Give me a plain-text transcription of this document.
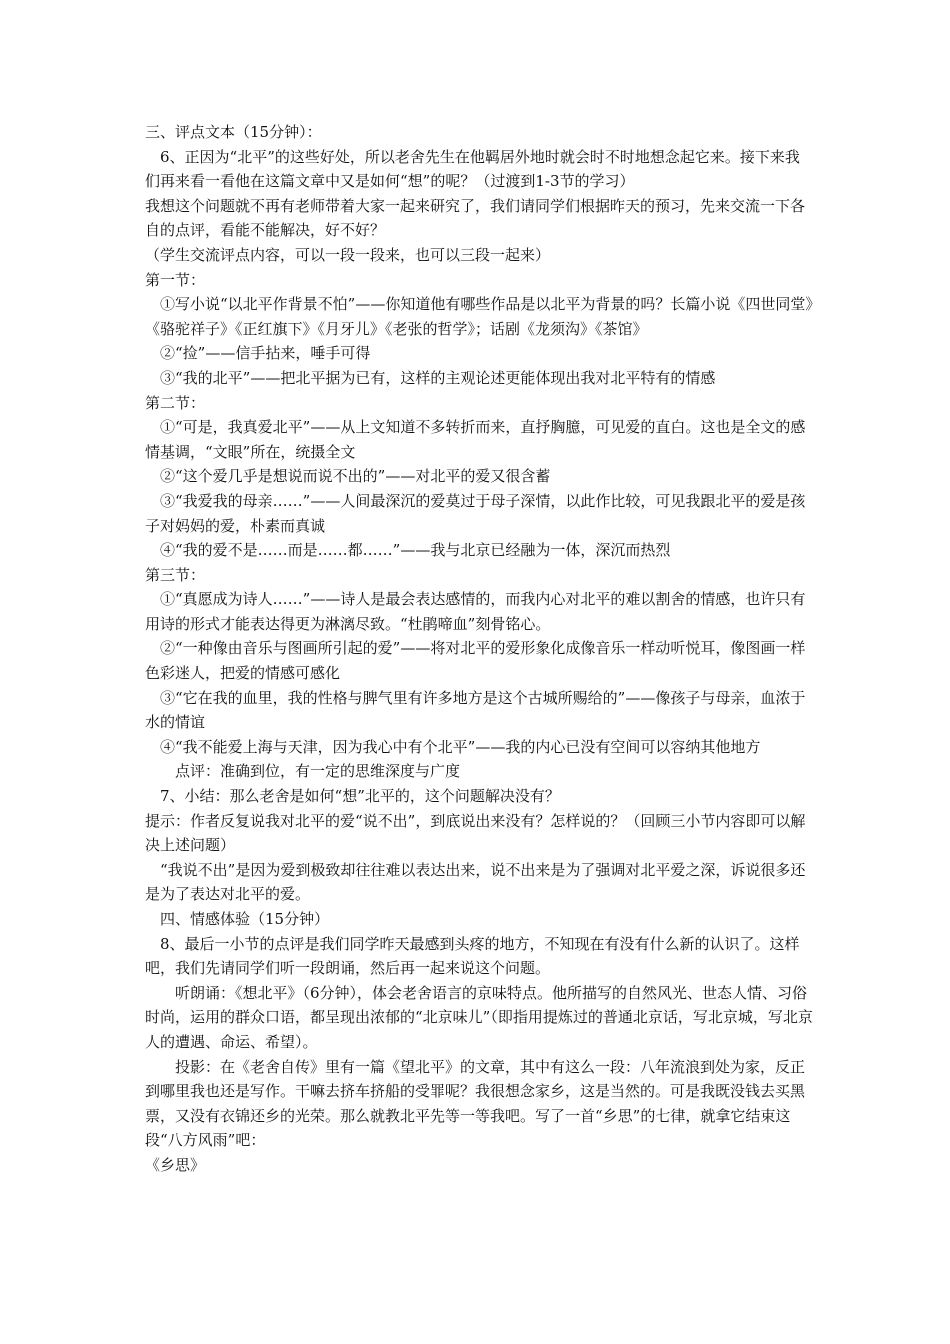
三、评点文本（15分钟）：

6、正因为“北平”的这些好处，所以老舍先生在他羁居外地时就会时不时地想念起它来。接下来我们再来看一看他在这篇文章中又是如何“想”的呢？（过渡到1-3节的学习）

我想这个问题就不再有老师带着大家一起来研究了，我们请同学们根据昨天的预习，先来交流一下各自的点评，看能不能解决，好不好？

（学生交流评点内容，可以一段一段来，也可以三段一起来）

第一节：

①写小说“以北平作背景不怕”——你知道他有哪些作品是以北平为背景的吗？长篇小说《四世同堂》《骆驼祥子》《正红旗下》《月牙儿》《老张的哲学》；话剧《龙须沟》《茶馆》

②“捡”——信手拈来，唾手可得

③“我的北平”——把北平据为已有，这样的主观论述更能体现出我对北平特有的情感

第二节：

①“可是，我真爱北平”——从上文知道不多转折而来，直抒胸臆，可见爱的直白。这也是全文的感情基调，“文眼”所在，统摄全文

②“这个爱几乎是想说而说不出的”——对北平的爱又很含蓄

③“我爱我的母亲……”——人间最深沉的爱莫过于母子深情，以此作比较，可见我跟北平的爱是孩子对妈妈的爱，朴素而真诚

④“我的爱不是……而是……都……”——我与北京已经融为一体，深沉而热烈

第三节：

①“真愿成为诗人……”——诗人是最会表达感情的，而我内心对北平的难以割舍的情感，也许只有用诗的形式才能表达得更为淋漓尽致。“杜鹃啼血”刻骨铭心。

②“一种像由音乐与图画所引起的爱”——将对北平的爱形象化成像音乐一样动听悦耳，像图画一样色彩迷人，把爱的情感可感化

③“它在我的血里，我的性格与脾气里有许多地方是这个古城所赐给的”——像孩子与母亲，血浓于水的情谊

④“我不能爱上海与天津，因为我心中有个北平”——我的内心已没有空间可以容纳其他地方

点评：准确到位，有一定的思维深度与广度

7、小结：那么老舍是如何“想”北平的，这个问题解决没有？

提示：作者反复说我对北平的爱“说不出”，到底说出来没有？怎样说的？（回顾三小节内容即可以解决上述问题）

“我说不出”是因为爱到极致却往往难以表达出来，说不出来是为了强调对北平爱之深，诉说很多还是为了表达对北平的爱。

四、情感体验（15分钟）

8、最后一小节的点评是我们同学昨天最感到头疼的地方，不知现在有没有什么新的认识了。这样吧，我们先请同学们听一段朗诵，然后再一起来说这个问题。

听朗诵：《想北平》（6分钟），体会老舍语言的京味特点。他所描写的自然风光、世态人情、习俗时尚，运用的群众口语，都呈现出浓郁的“北京味儿”（即指用提炼过的普通北京话，写北京城，写北京人的遭遇、命运、希望）。

投影：在《老舍自传》里有一篇《望北平》的文章，其中有这么一段：八年流浪到处为家，反正到哪里我也还是写作。干嘛去挤车挤船的受罪呢？我很想念家乡，这是当然的。可是我既没钱去买黑票，又没有衣锦还乡的光荣。那么就教北平先等一等我吧。写了一首“乡思”的七律，就拿它结束这段“八方风雨”吧：

《乡思》
